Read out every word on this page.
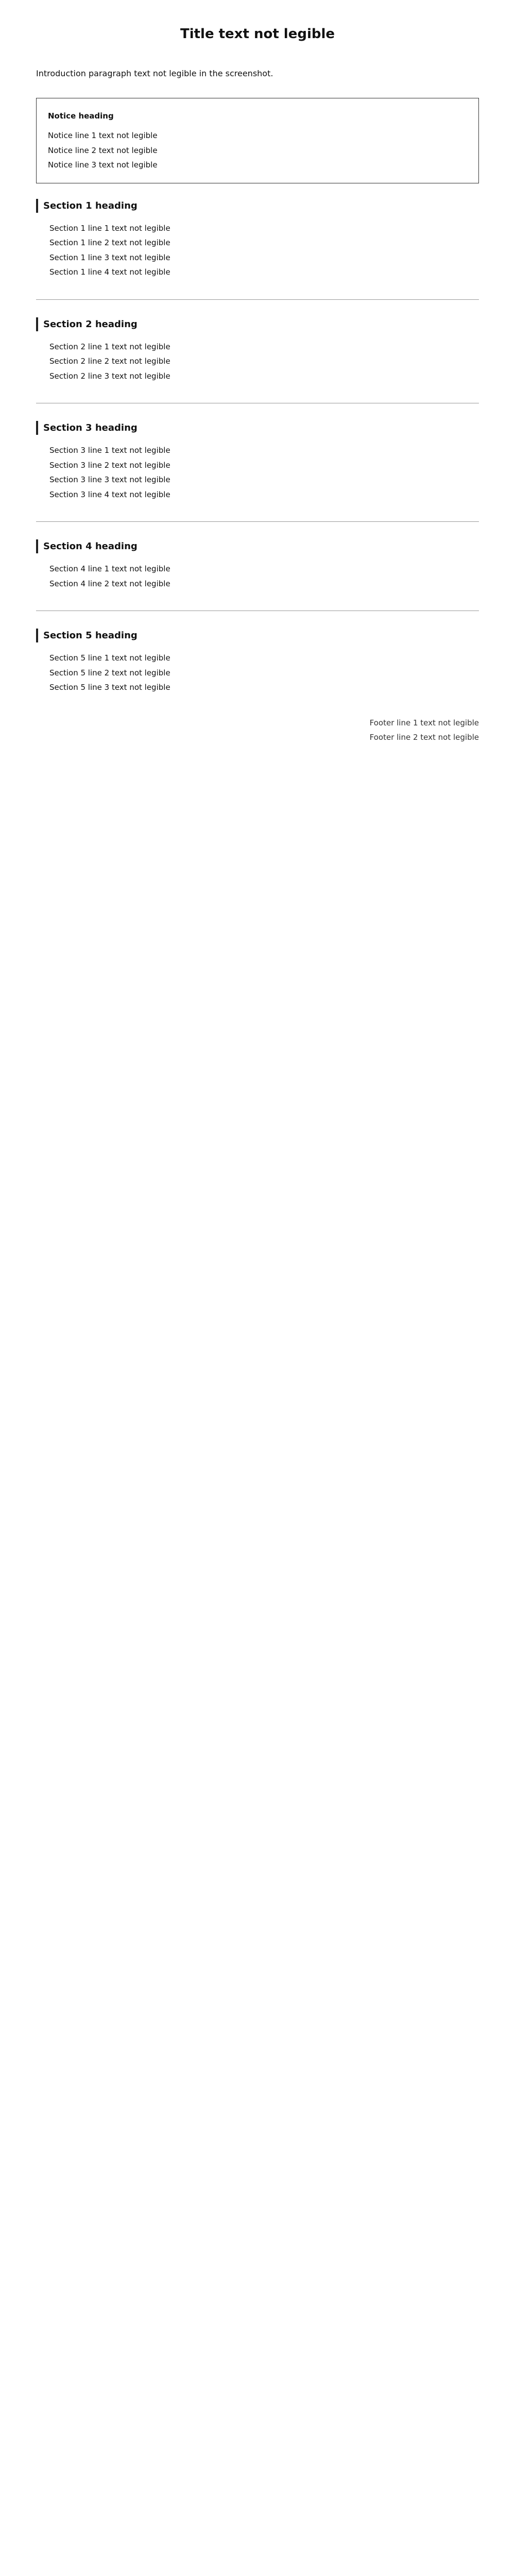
Title text not legible

Introduction paragraph text not legible in the screenshot.

Notice heading

Notice line 1 text not legible

Notice line 2 text not legible

Notice line 3 text not legible

Section 1 heading

Section 1 line 1 text not legible

Section 1 line 2 text not legible

Section 1 line 3 text not legible

Section 1 line 4 text not legible

Section 2 heading

Section 2 line 1 text not legible

Section 2 line 2 text not legible

Section 2 line 3 text not legible

Section 3 heading

Section 3 line 1 text not legible

Section 3 line 2 text not legible

Section 3 line 3 text not legible

Section 3 line 4 text not legible

Section 4 heading

Section 4 line 1 text not legible

Section 4 line 2 text not legible

Section 5 heading

Section 5 line 1 text not legible

Section 5 line 2 text not legible

Section 5 line 3 text not legible

Footer line 1 text not legible

Footer line 2 text not legible
